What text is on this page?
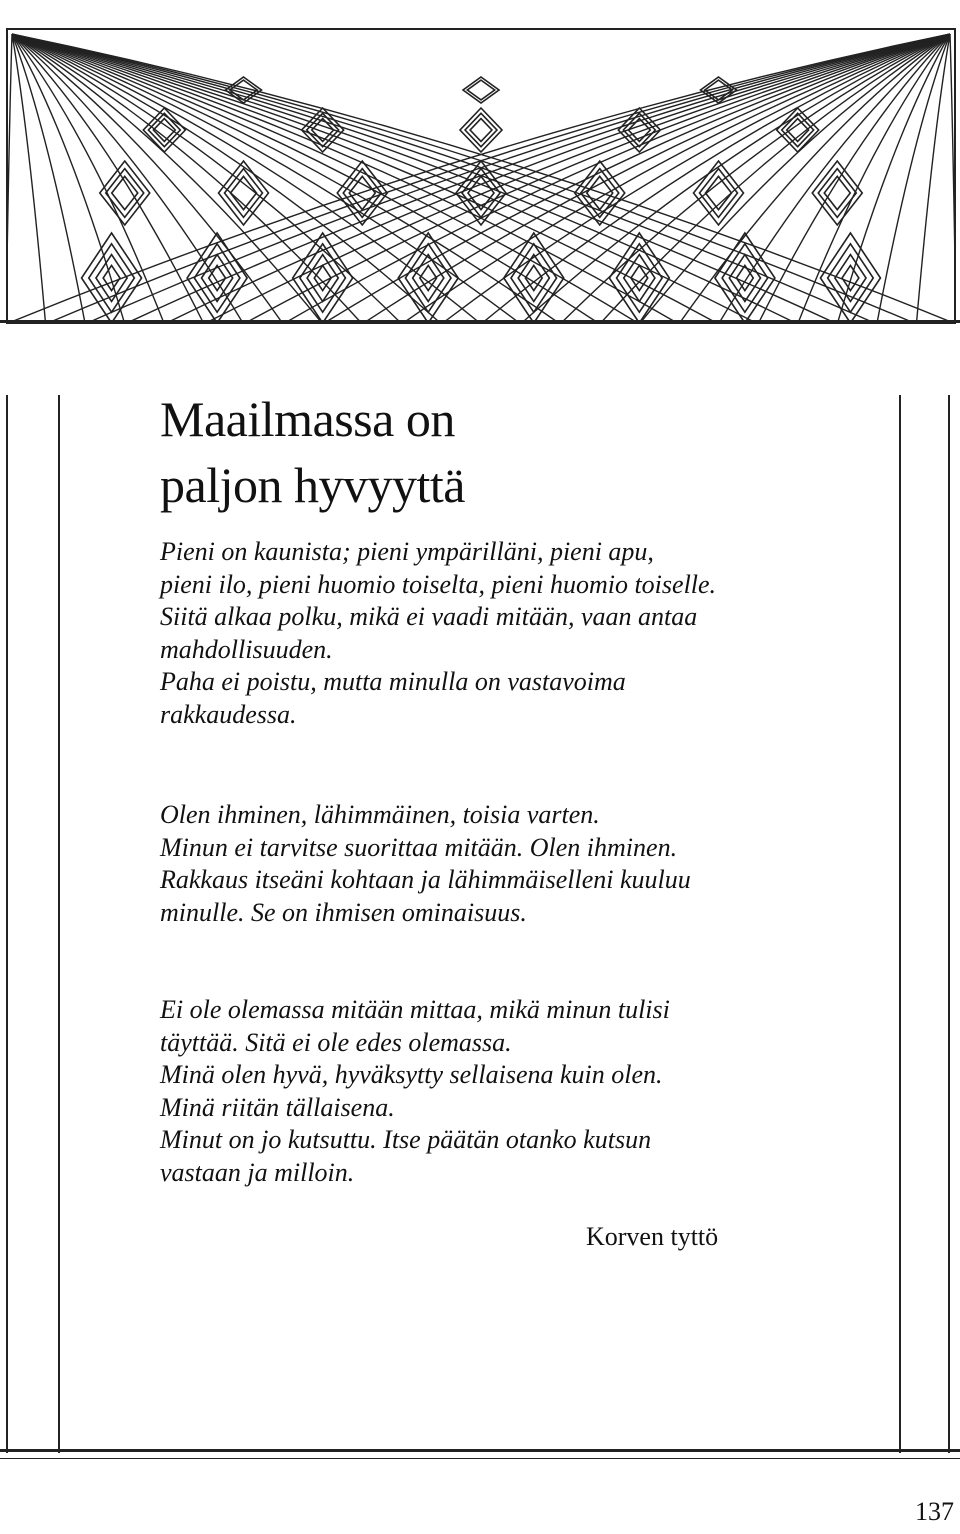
Maailmassa on
paljon hyvyyttä
Pieni on kaunista; pieni ympärilläni, pieni apu,
pieni ilo, pieni huomio toiselta, pieni huomio toiselle.
Siitä alkaa polku, mikä ei vaadi mitään, vaan antaa
mahdollisuuden.
Paha ei poistu, mutta minulla on vastavoima
rakkaudessa.
Olen ihminen, lähimmäinen, toisia varten.
Minun ei tarvitse suorittaa mitään. Olen ihminen.
Rakkaus itseäni kohtaan ja lähimmäiselleni kuuluu
minulle. Se on ihmisen ominaisuus.
Ei ole olemassa mitään mittaa, mikä minun tulisi
täyttää. Sitä ei ole edes olemassa.
Minä olen hyvä, hyväksytty sellaisena kuin olen.
Minä riitän tällaisena.
Minut on jo kutsuttu. Itse päätän otanko kutsun
vastaan ja milloin.
Korven tyttö
137
